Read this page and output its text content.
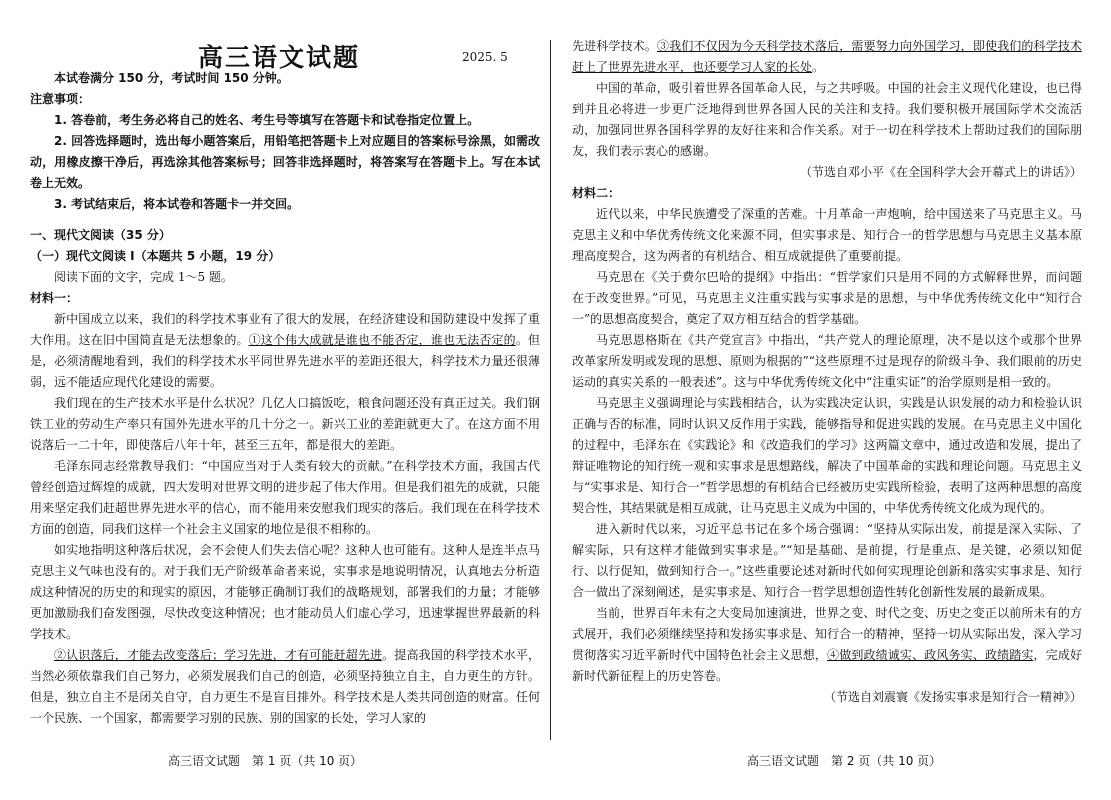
高三语文试题	2025. 5

本试卷满分 150 分，考试时间 150 分钟。

注意事项：

1. 答卷前，考生务必将自己的姓名、考生号等填写在答题卡和试卷指定位置上。

2. 回答选择题时，选出每小题答案后，用铅笔把答题卡上对应题目的答案标号涂黑，如需改动，用橡皮擦干净后，再选涂其他答案标号；回答非选择题时，将答案写在答题卡上。写在本试卷上无效。

3. 考试结束后，将本试卷和答题卡一并交回。

一、现代文阅读（35 分）

（一）现代文阅读 Ⅰ（本题共 5 小题，19 分）

阅读下面的文字，完成 1～5 题。

材料一：

新中国成立以来，我们的科学技术事业有了很大的发展，在经济建设和国防建设中发挥了重大作用。这在旧中国简直是无法想象的。①这个伟大成就是谁也不能否定，谁也无法否定的。但是，必须清醒地看到，我们的科学技术水平同世界先进水平的差距还很大，科学技术力量还很薄弱，远不能适应现代化建设的需要。

我们现在的生产技术水平是什么状况？几亿人口搞饭吃，粮食问题还没有真正过关。我们钢铁工业的劳动生产率只有国外先进水平的几十分之一。新兴工业的差距就更大了。在这方面不用说落后一二十年，即使落后八年十年，甚至三五年，都是很大的差距。

毛泽东同志经常教导我们：“中国应当对于人类有较大的贡献。”在科学技术方面，我国古代曾经创造过辉煌的成就，四大发明对世界文明的进步起了伟大作用。但是我们祖先的成就，只能用来坚定我们赶超世界先进水平的信心，而不能用来安慰我们现实的落后。我们现在在科学技术方面的创造，同我们这样一个社会主义国家的地位是很不相称的。

如实地指明这种落后状况，会不会使人们失去信心呢？这种人也可能有。这种人是连半点马克思主义气味也没有的。对于我们无产阶级革命者来说，实事求是地说明情况，认真地去分析造成这种情况的历史的和现实的原因，才能够正确制订我们的战略规划，部署我们的力量；才能够更加激励我们奋发图强，尽快改变这种情况；也才能动员人们虚心学习，迅速掌握世界最新的科学技术。

②认识落后，才能去改变落后；学习先进，才有可能赶超先进。提高我国的科学技术水平，当然必须依靠我们自己努力，必须发展我们自己的创造，必须坚持独立自主，自力更生的方针。但是，独立自主不是闭关自守，自力更生不是盲目排外。科学技术是人类共同创造的财富。任何一个民族、一个国家，都需要学习别的民族、别的国家的长处，学习人家的

先进科学技术。③我们不仅因为今天科学技术落后，需要努力向外国学习，即使我们的科学技术赶上了世界先进水平，也还要学习人家的长处。

中国的革命，吸引着世界各国革命人民，与之共呼吸。中国的社会主义现代化建设，也已得到并且必将进一步更广泛地得到世界各国人民的关注和支持。我们要积极开展国际学术交流活动，加强同世界各国科学界的友好往来和合作关系。对于一切在科学技术上帮助过我们的国际朋友，我们表示衷心的感谢。

（节选自邓小平《在全国科学大会开幕式上的讲话》）

材料二：

近代以来，中华民族遭受了深重的苦难。十月革命一声炮响，给中国送来了马克思主义。马克思主义和中华优秀传统文化来源不同，但实事求是、知行合一的哲学思想与马克思主义基本原理高度契合，这为两者的有机结合、相互成就提供了重要前提。

马克思在《关于费尔巴哈的提纲》中指出：“哲学家们只是用不同的方式解释世界，而问题在于改变世界。”可见，马克思主义注重实践与实事求是的思想，与中华优秀传统文化中“知行合一”的思想高度契合，奠定了双方相互结合的哲学基础。

马克思恩格斯在《共产党宣言》中指出，“共产党人的理论原理，决不是以这个或那个世界改革家所发明或发现的思想、原则为根据的”“这些原理不过是现存的阶级斗争、我们眼前的历史运动的真实关系的一般表述”。这与中华优秀传统文化中“注重实证”的治学原则是相一致的。

马克思主义强调理论与实践相结合，认为实践决定认识，实践是认识发展的动力和检验认识正确与否的标准，同时认识又反作用于实践，能够指导和促进实践的发展。在马克思主义中国化的过程中，毛泽东在《实践论》和《改造我们的学习》这两篇文章中，通过改造和发展，提出了辩证唯物论的知行统一观和实事求是思想路线，解决了中国革命的实践和理论问题。马克思主义与“实事求是、知行合一”哲学思想的有机结合已经被历史实践所检验，表明了这两种思想的高度契合性，其结果就是相互成就，让马克思主义成为中国的，中华优秀传统文化成为现代的。

进入新时代以来，习近平总书记在多个场合强调：“坚持从实际出发，前提是深入实际、了解实际，只有这样才能做到实事求是。”“知是基础、是前提，行是重点、是关键，必须以知促行、以行促知，做到知行合一。”这些重要论述对新时代如何实现理论创新和落实实事求是、知行合一做出了深刻阐述，是实事求是、知行合一哲学思想创造性转化创新性发展的最新成果。

当前，世界百年未有之大变局加速演进，世界之变、时代之变、历史之变正以前所未有的方式展开，我们必须继续坚持和发扬实事求是、知行合一的精神，坚持一切从实际出发，深入学习贯彻落实习近平新时代中国特色社会主义思想，④做到政绩诚实、政风务实、政绩踏实，完成好新时代新征程上的历史答卷。

（节选自刘震寰《发扬实事求是知行合一精神》）

高三语文试题　第 1 页（共 10 页）	高三语文试题　第 2 页（共 10 页）
